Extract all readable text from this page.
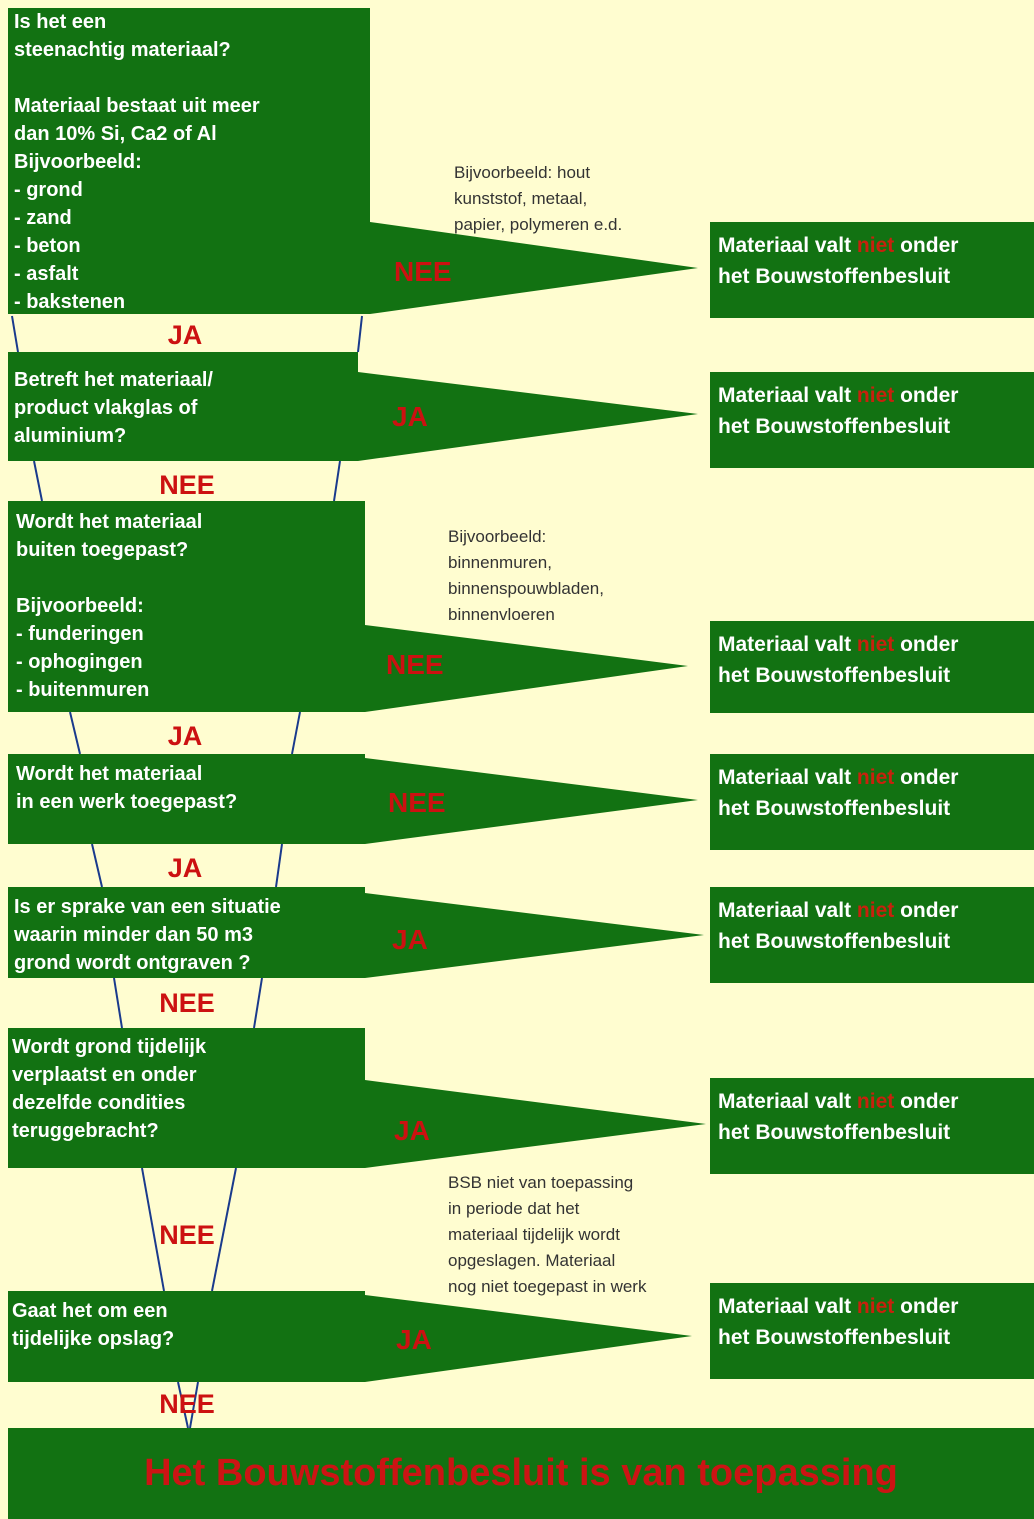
Is het een
steenachtig materiaal?

Materiaal bestaat uit meer
dan 10% Si, Ca2 of Al
Bijvoorbeeld:
- grond
- zand
- beton
- asfalt
- bakstenen

Betreft het materiaal/
product vlakglas of
aluminium?

Wordt het materiaal
buiten toegepast?

Bijvoorbeeld:
- funderingen
- ophogingen
- buitenmuren

Wordt het materiaal
in een werk toegepast?

Is er sprake van een situatie
waarin minder dan 50 m3
grond wordt ontgraven ?

Wordt grond tijdelijk
verplaatst en onder
dezelfde condities
teruggebracht?

Gaat het om een
tijdelijke opslag?

NEE

JA

NEE

NEE

JA

JA

JA

JA

NEE

JA

JA

NEE

NEE

NEE

Bijvoorbeeld: hout
kunststof, metaal,
papier, polymeren e.d.

Bijvoorbeeld:
binnenmuren,
binnenspouwbladen,
binnenvloeren

BSB niet van toepassing
in periode dat het
materiaal tijdelijk wordt
opgeslagen. Materiaal
nog niet toegepast in werk

Materiaal valt niet onder
het Bouwstoffenbesluit
Materiaal valt niet onder
het Bouwstoffenbesluit
Materiaal valt niet onder
het Bouwstoffenbesluit
Materiaal valt niet onder
het Bouwstoffenbesluit
Materiaal valt niet onder
het Bouwstoffenbesluit
Materiaal valt niet onder
het Bouwstoffenbesluit
Materiaal valt niet onder
het Bouwstoffenbesluit
Het Bouwstoffenbesluit is van toepassing
